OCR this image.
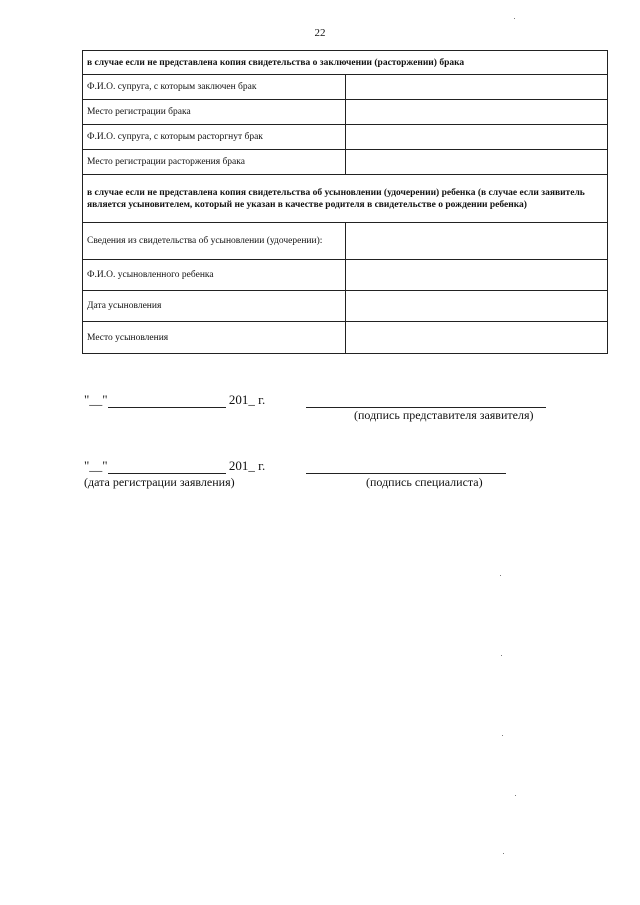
22
в случае если не представлена копия свидетельства о заключении (расторжении) брака	
Ф.И.О. супруга, с которым заключен брак	
Место регистрации брака	
Ф.И.О. супруга, с которым расторгнут брак	
Место регистрации расторжения брака	
в случае если не представлена копия свидетельства об усыновлении (удочерении) ребенка (в случае если заявитель является усыновителем, который не указан в качестве родителя в свидетельстве о рождении ребенка)	
Сведения из свидетельства об усыновлении (удочерении):	
Ф.И.О. усыновленного ребенка	
Дата усыновления	
Место усыновления	
"__"	201_ г.
(подпись представителя заявителя)
"__"	201_ г.
(дата регистрации заявления)	(подпись специалиста)
